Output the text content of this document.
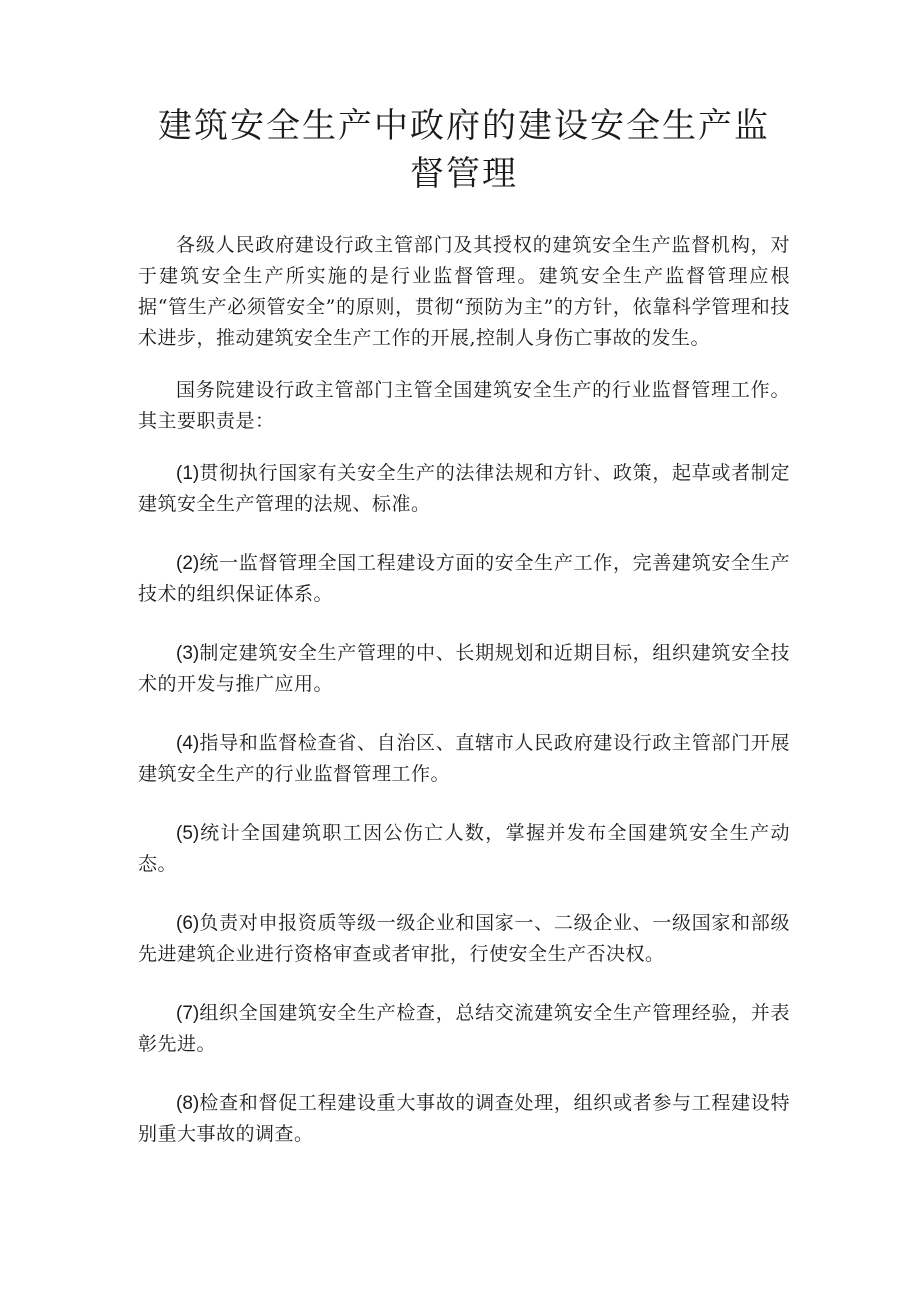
建筑安全生产中政府的建设安全生产监督管理

各级人民政府建设行政主管部门及其授权的建筑安全生产监督机构，对于建筑安全生产所实施的是行业监督管理。建筑安全生产监督管理应根据“管生产必须管安全”的原则，贯彻“预防为主”的方针，依靠科学管理和技术进步，推动建筑安全生产工作的开展,控制人身伤亡事故的发生。

国务院建设行政主管部门主管全国建筑安全生产的行业监督管理工作。其主要职责是：

(1)贯彻执行国家有关安全生产的法律法规和方针、政策，起草或者制定建筑安全生产管理的法规、标准。

(2)统一监督管理全国工程建设方面的安全生产工作，完善建筑安全生产技术的组织保证体系。

(3)制定建筑安全生产管理的中、长期规划和近期目标，组织建筑安全技术的开发与推广应用。

(4)指导和监督检查省、自治区、直辖市人民政府建设行政主管部门开展建筑安全生产的行业监督管理工作。

(5)统计全国建筑职工因公伤亡人数，掌握并发布全国建筑安全生产动态。

(6)负责对申报资质等级一级企业和国家一、二级企业、一级国家和部级先进建筑企业进行资格审查或者审批，行使安全生产否决权。

(7)组织全国建筑安全生产检查，总结交流建筑安全生产管理经验，并表彰先进。

(8)检查和督促工程建设重大事故的调查处理，组织或者参与工程建设特别重大事故的调查。
